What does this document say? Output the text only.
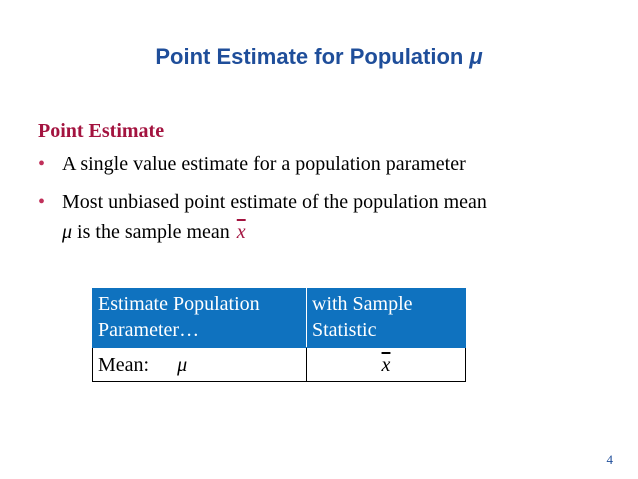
Point Estimate for Population μ
Point Estimate
• A single value estimate for a population parameter
• Most unbiased point estimate of the population mean
μ is the sample mean $\overline{x}$
Estimate Population Parameter…	with Sample Statistic
Mean: μ	$\overline{x}$
4
